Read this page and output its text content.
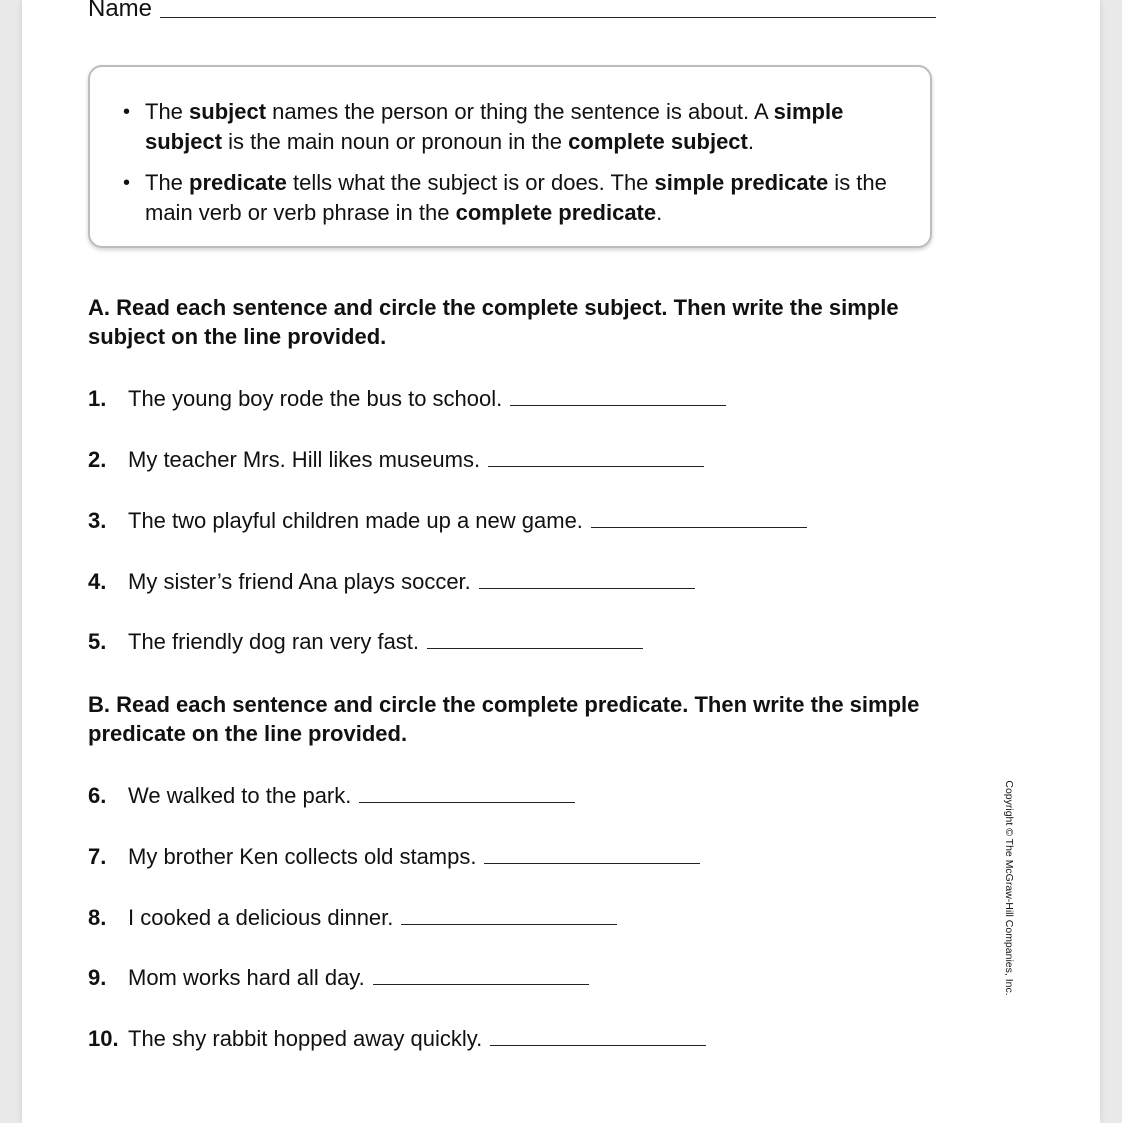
Name
• The subject names the person or thing the sentence is about. A simple subject is the main noun or pronoun in the complete subject.
• The predicate tells what the subject is or does. The simple predicate is the main verb or verb phrase in the complete predicate.
A. Read each sentence and circle the complete subject. Then write the simple subject on the line provided.
1. The young boy rode the bus to school.
2. My teacher Mrs. Hill likes museums.
3. The two playful children made up a new game.
4. My sister’s friend Ana plays soccer.
5. The friendly dog ran very fast.
B. Read each sentence and circle the complete predicate. Then write the simple predicate on the line provided.
6. We walked to the park.
7. My brother Ken collects old stamps.
8. I cooked a delicious dinner.
9. Mom works hard all day.
10. The shy rabbit hopped away quickly.
Copyright © The McGraw-Hill Companies, Inc.
